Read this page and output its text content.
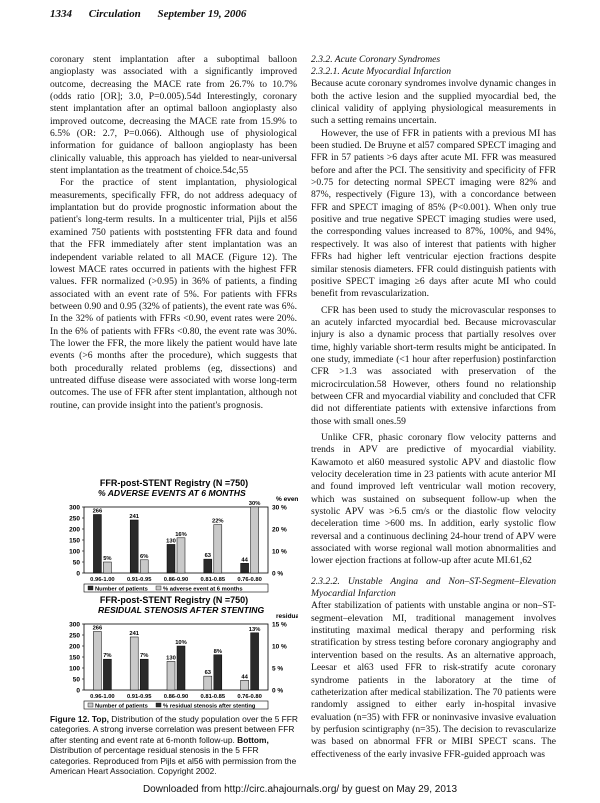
1334 Circulation September 19, 2006

coronary stent implantation after a suboptimal balloon angioplasty was associated with a significantly improved outcome, decreasing the MACE rate from 26.7% to 10.7% (odds ratio [OR]; 3.0, P=0.005).54d Interestingly, coronary stent implantation after an optimal balloon angioplasty also improved outcome, decreasing the MACE rate from 15.9% to 6.5% (OR: 2.7, P=0.066). Although use of physiological information for guidance of balloon angioplasty has been clinically valuable, this approach has yielded to near-universal stent implantation as the treatment of choice.54c,55

For the practice of stent implantation, physiological measurements, specifically FFR, do not address adequacy of implantation but do provide prognostic information about the patient's long-term results. In a multicenter trial, Pijls et al56 examined 750 patients with poststenting FFR data and found that the FFR immediately after stent implantation was an independent variable related to all MACE (Figure 12). The lowest MACE rates occurred in patients with the highest FFR values. FFR normalized (>0.95) in 36% of patients, a finding associated with an event rate of 5%. For patients with FFRs between 0.90 and 0.95 (32% of patients), the event rate was 6%. In the 32% of patients with FFRs <0.90, event rates were 20%. In the 6% of patients with FFRs <0.80, the event rate was 30%. The lower the FFR, the more likely the patient would have late events (>6 months after the procedure), which suggests that both procedurally related problems (eg, dissections) and untreated diffuse disease were associated with worse long-term outcomes. The use of FFR after stent implantation, although not routine, can provide insight into the patient's prognosis.

FFR-post-STENT Registry (N =750)
% ADVERSE EVENTS AT 6 MONTHS
% even
300
250
200
150
100
50
0
30 %
20 %
10 %
0 %
266
5%
0.96-1.00
241
6%
0.91-0.95
130
16%
0.86-0.90
63
22%
0.81-0.85
44
30%
0.76-0.80
Number of patients	% adverse event at 6 months
FFR-post-STENT Registry (N =750)
RESIDUAL STENOSIS AFTER STENTING
residua
300
250
200
150
100
50
0
15 %
10 %
5 %
0 %
266
7%
0.96-1.00
241
7%
0.91-0.95
130
10%
0.86-0.90
63
8%
0.81-0.85
44
13%
0.76-0.80
Number of patients	% residual stenosis after stenting
Figure 12. Top, Distribution of the study population over the 5 FFR categories. A strong inverse correlation was present between FFR after stenting and event rate at 6-month follow-up. Bottom, Distribution of percentage residual stenosis in the 5 FFR categories. Reproduced from Pijls et al56 with permission from the American Heart Association. Copyright 2002.

2.3.2. Acute Coronary Syndromes

2.3.2.1. Acute Myocardial Infarction

Because acute coronary syndromes involve dynamic changes in both the active lesion and the supplied myocardial bed, the clinical validity of applying physiological measurements in such a setting remains uncertain.

However, the use of FFR in patients with a previous MI has been studied. De Bruyne et al57 compared SPECT imaging and FFR in 57 patients >6 days after acute MI. FFR was measured before and after the PCI. The sensitivity and specificity of FFR >0.75 for detecting normal SPECT imaging were 82% and 87%, respectively (Figure 13), with a concordance between FFR and SPECT imaging of 85% (P<0.001). When only true positive and true negative SPECT imaging studies were used, the corresponding values increased to 87%, 100%, and 94%, respectively. It was also of interest that patients with higher FFRs had higher left ventricular ejection fractions despite similar stenosis diameters. FFR could distinguish patients with positive SPECT imaging ≥6 days after acute MI who could benefit from revascularization.

CFR has been used to study the microvascular responses to an acutely infarcted myocardial bed. Because microvascular injury is also a dynamic process that partially resolves over time, highly variable short-term results might be anticipated. In one study, immediate (<1 hour after reperfusion) postinfarction CFR >1.3 was associated with preservation of the microcirculation.58 However, others found no relationship between CFR and myocardial viability and concluded that CFR did not differentiate patients with extensive infarctions from those with small ones.59

Unlike CFR, phasic coronary flow velocity patterns and trends in APV are predictive of myocardial viability. Kawamoto et al60 measured systolic APV and diastolic flow velocity deceleration time in 23 patients with acute anterior MI and found improved left ventricular wall motion recovery, which was sustained on subsequent follow-up when the systolic APV was >6.5 cm/s or the diastolic flow velocity deceleration time >600 ms. In addition, early systolic flow reversal and a continuous declining 24-hour trend of APV were associated with worse regional wall motion abnormalities and lower ejection fractions at follow-up after acute MI.61,62

2.3.2.2. Unstable Angina and Non–ST-Segment–Elevation Myocardial Infarction

After stabilization of patients with unstable angina or non–ST-segment–elevation MI, traditional management involves instituting maximal medical therapy and performing risk stratification by stress testing before coronary angiography and intervention based on the results. As an alternative approach, Leesar et al63 used FFR to risk-stratify acute coronary syndrome patients in the laboratory at the time of catheterization after medical stabilization. The 70 patients were randomly assigned to either early in-hospital invasive evaluation (n=35) with FFR or noninvasive invasive evaluation by perfusion scintigraphy (n=35). The decision to revascularize was based on abnormal FFR or MIBI SPECT scans. The effectiveness of the early invasive FFR-guided approach was

Downloaded from http://circ.ahajournals.org/ by guest on May 29, 2013
